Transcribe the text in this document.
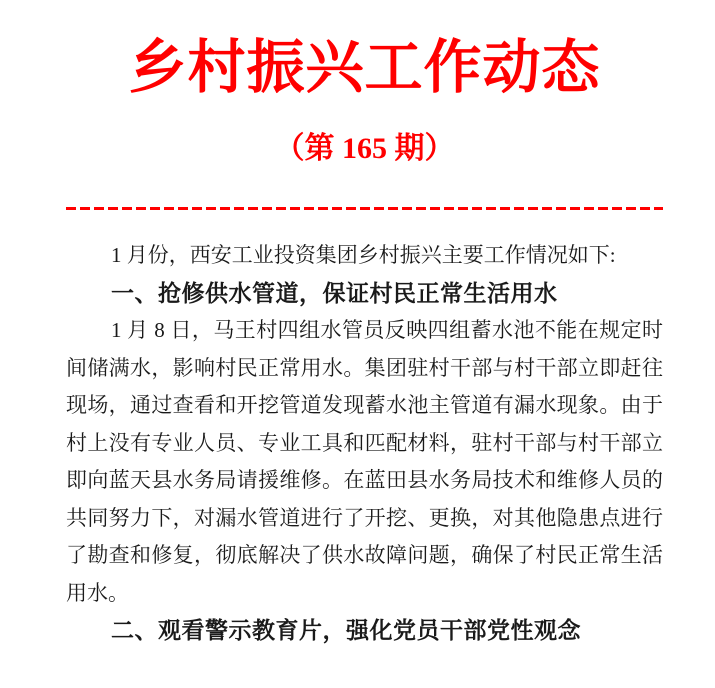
乡村振兴工作动态
（第 165 期）
1 月份，西安工业投资集团乡村振兴主要工作情况如下:
一、抢修供水管道，保证村民正常生活用水
1 月 8 日，马王村四组水管员反映四组蓄水池不能在规定时
间储满水，影响村民正常用水。集团驻村干部与村干部立即赶往
现场，通过查看和开挖管道发现蓄水池主管道有漏水现象。由于
村上没有专业人员、专业工具和匹配材料，驻村干部与村干部立
即向蓝天县水务局请援维修。在蓝田县水务局技术和维修人员的
共同努力下，对漏水管道进行了开挖、更换，对其他隐患点进行
了勘查和修复，彻底解决了供水故障问题，确保了村民正常生活
用水。
二、观看警示教育片，强化党员干部党性观念
